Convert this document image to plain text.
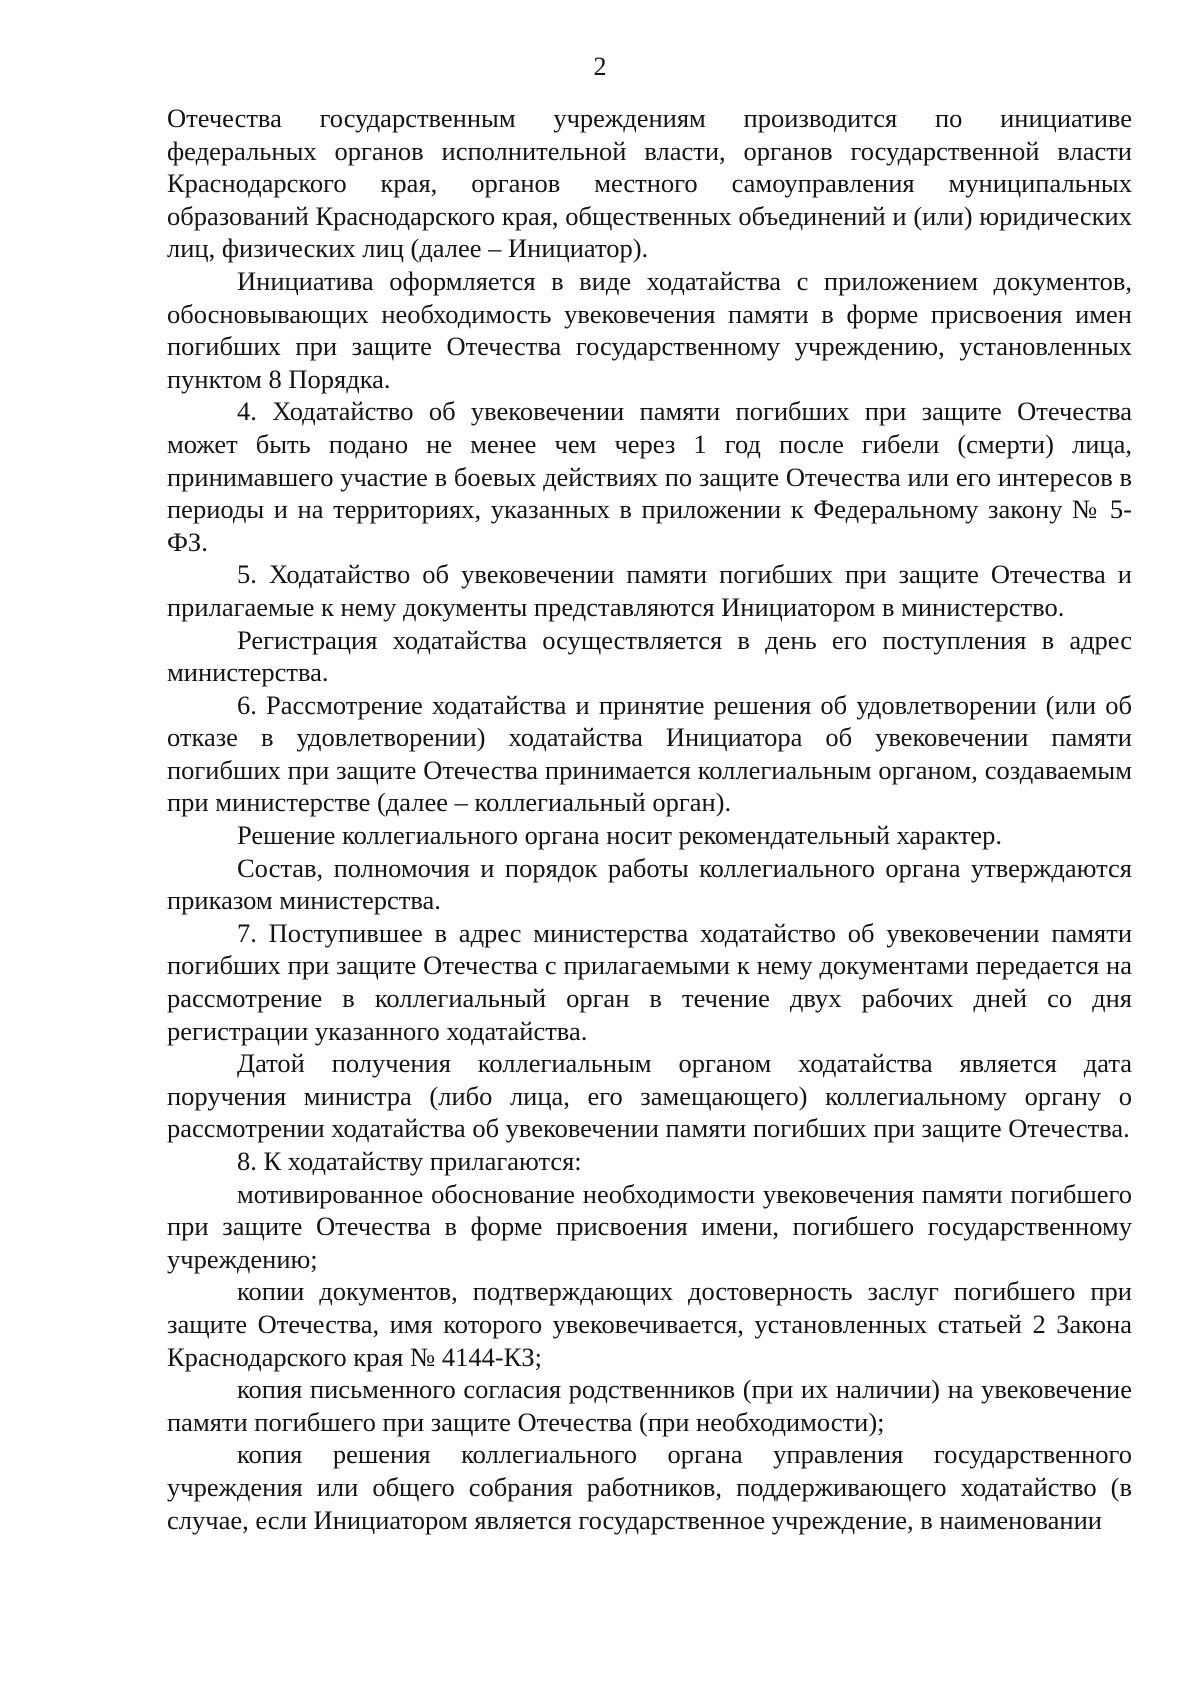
2

Отечества государственным учреждениям производится по инициативе федеральных органов исполнительной власти, органов государственной власти Краснодарского края, органов местного самоуправления муниципальных образований Краснодарского края, общественных объединений и (или) юридических лиц, физических лиц (далее – Инициатор).

Инициатива оформляется в виде ходатайства с приложением документов, обосновывающих необходимость увековечения памяти в форме присвоения имен погибших при защите Отечества государственному учреждению, установленных пунктом 8 Порядка.

4. Ходатайство об увековечении памяти погибших при защите Отечества может быть подано не менее чем через 1 год после гибели (смерти) лица, принимавшего участие в боевых действиях по защите Отечества или его интересов в периоды и на территориях, указанных в приложении к Федеральному закону № 5-ФЗ.

5. Ходатайство об увековечении памяти погибших при защите Отечества и прилагаемые к нему документы представляются Инициатором в министерство.

Регистрация ходатайства осуществляется в день его поступления в адрес министерства.

6. Рассмотрение ходатайства и принятие решения об удовлетворении (или об отказе в удовлетворении) ходатайства Инициатора об увековечении памяти погибших при защите Отечества принимается коллегиальным органом, создаваемым при министерстве (далее – коллегиальный орган).

Решение коллегиального органа носит рекомендательный характер.

Состав, полномочия и порядок работы коллегиального органа утверждаются приказом министерства.

7. Поступившее в адрес министерства ходатайство об увековечении памяти погибших при защите Отечества с прилагаемыми к нему документами передается на рассмотрение в коллегиальный орган в течение двух рабочих дней со дня регистрации указанного ходатайства.

Датой получения коллегиальным органом ходатайства является дата поручения министра (либо лица, его замещающего) коллегиальному органу о рассмотрении ходатайства об увековечении памяти погибших при защите Отечества.

8. К ходатайству прилагаются:

мотивированное обоснование необходимости увековечения памяти погибшего при защите Отечества в форме присвоения имени, погибшего государственному учреждению;

копии документов, подтверждающих достоверность заслуг погибшего при защите Отечества, имя которого увековечивается, установленных статьей 2 Закона Краснодарского края № 4144-КЗ;

копия письменного согласия родственников (при их наличии) на увековечение памяти погибшего при защите Отечества (при необходимости);

копия решения коллегиального органа управления государственного учреждения или общего собрания работников, поддерживающего ходатайство (в случае, если Инициатором является государственное учреждение, в наименовании
